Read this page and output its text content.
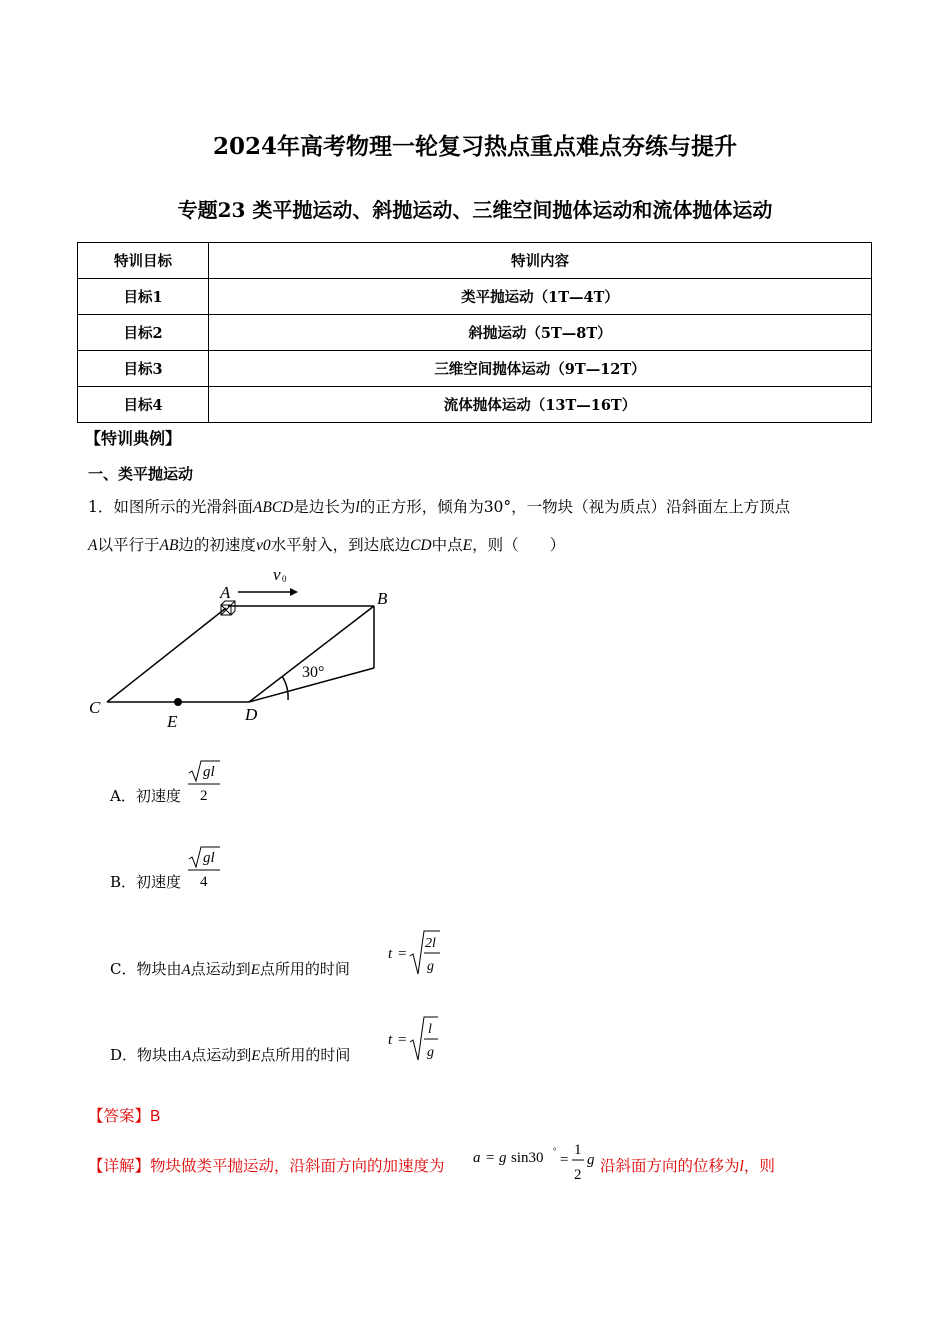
2024年高考物理一轮复习热点重点难点夯练与提升
专题23 类平抛运动、斜抛运动、三维空间抛体运动和流体抛体运动
特训目标	特训内容
目标1	类平抛运动（1T—4T）
目标2	斜抛运动（5T—8T）
目标3	三维空间抛体运动（9T—12T）
目标4	流体抛体运动（13T—16T）
【特训典例】
一、类平抛运动
1．如图所示的光滑斜面ABCD是边长为l的正方形，倾角为30°，一物块（视为质点）沿斜面左上方顶点
A以平行于AB边的初速度v0水平射入，到达底边CD中点E，则（　　）
A	B
C	D
E
v 0
30°
A．初速度
gl
2
B．初速度
gl
4
C．物块由A点运动到E点所用的时间
t =
2l
g
D．物块由A点运动到E点所用的时间
t =
l
g
【答案】B
【详解】物块做类平抛运动，沿斜面方向的加速度为 a = g sin30 °
=
1
2
g 沿斜面方向的位移为l，则
